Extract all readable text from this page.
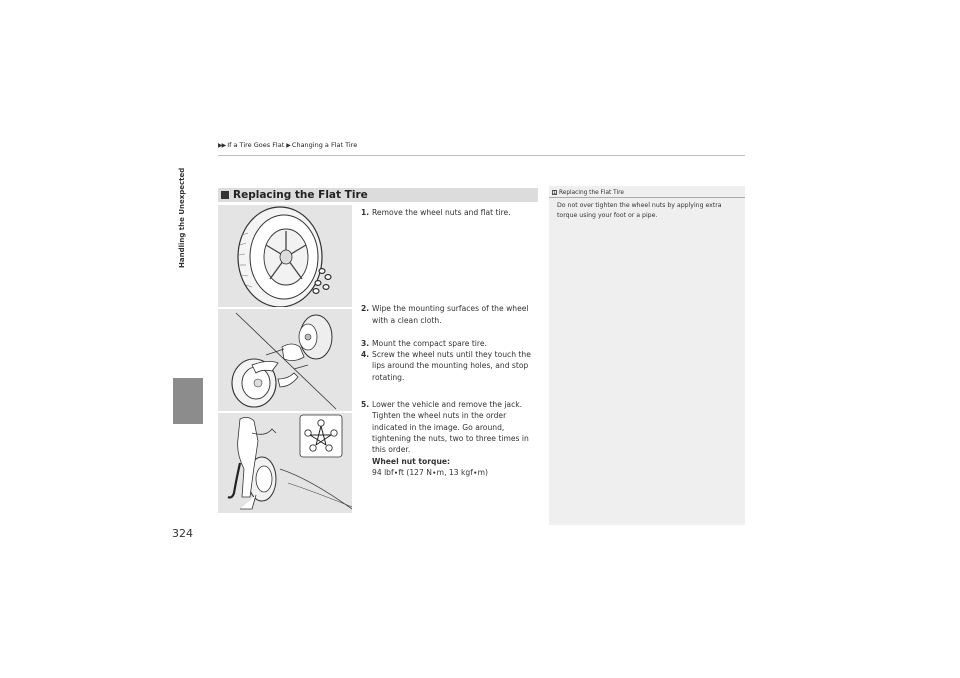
▶▶ If a Tire Goes Flat ▶ Changing a Flat Tire
Handling the Unexpected
324
Replacing the Flat Tire
1. Remove the wheel nuts and flat tire.
2. Wipe the mounting surfaces of the wheel with a clean cloth.
3. Mount the compact spare tire.
4. Screw the wheel nuts until they touch the lips around the mounting holes, and stop rotating.
5. Lower the vehicle and remove the jack. Tighten the wheel nuts in the order indicated in the image. Go around, tightening the nuts, two to three times in this order.
Wheel nut torque:
94 lbf∙ft (127 N∙m, 13 kgf∙m)
1 Replacing the Flat Tire
Do not over tighten the wheel nuts by applying extra torque using your foot or a pipe.
